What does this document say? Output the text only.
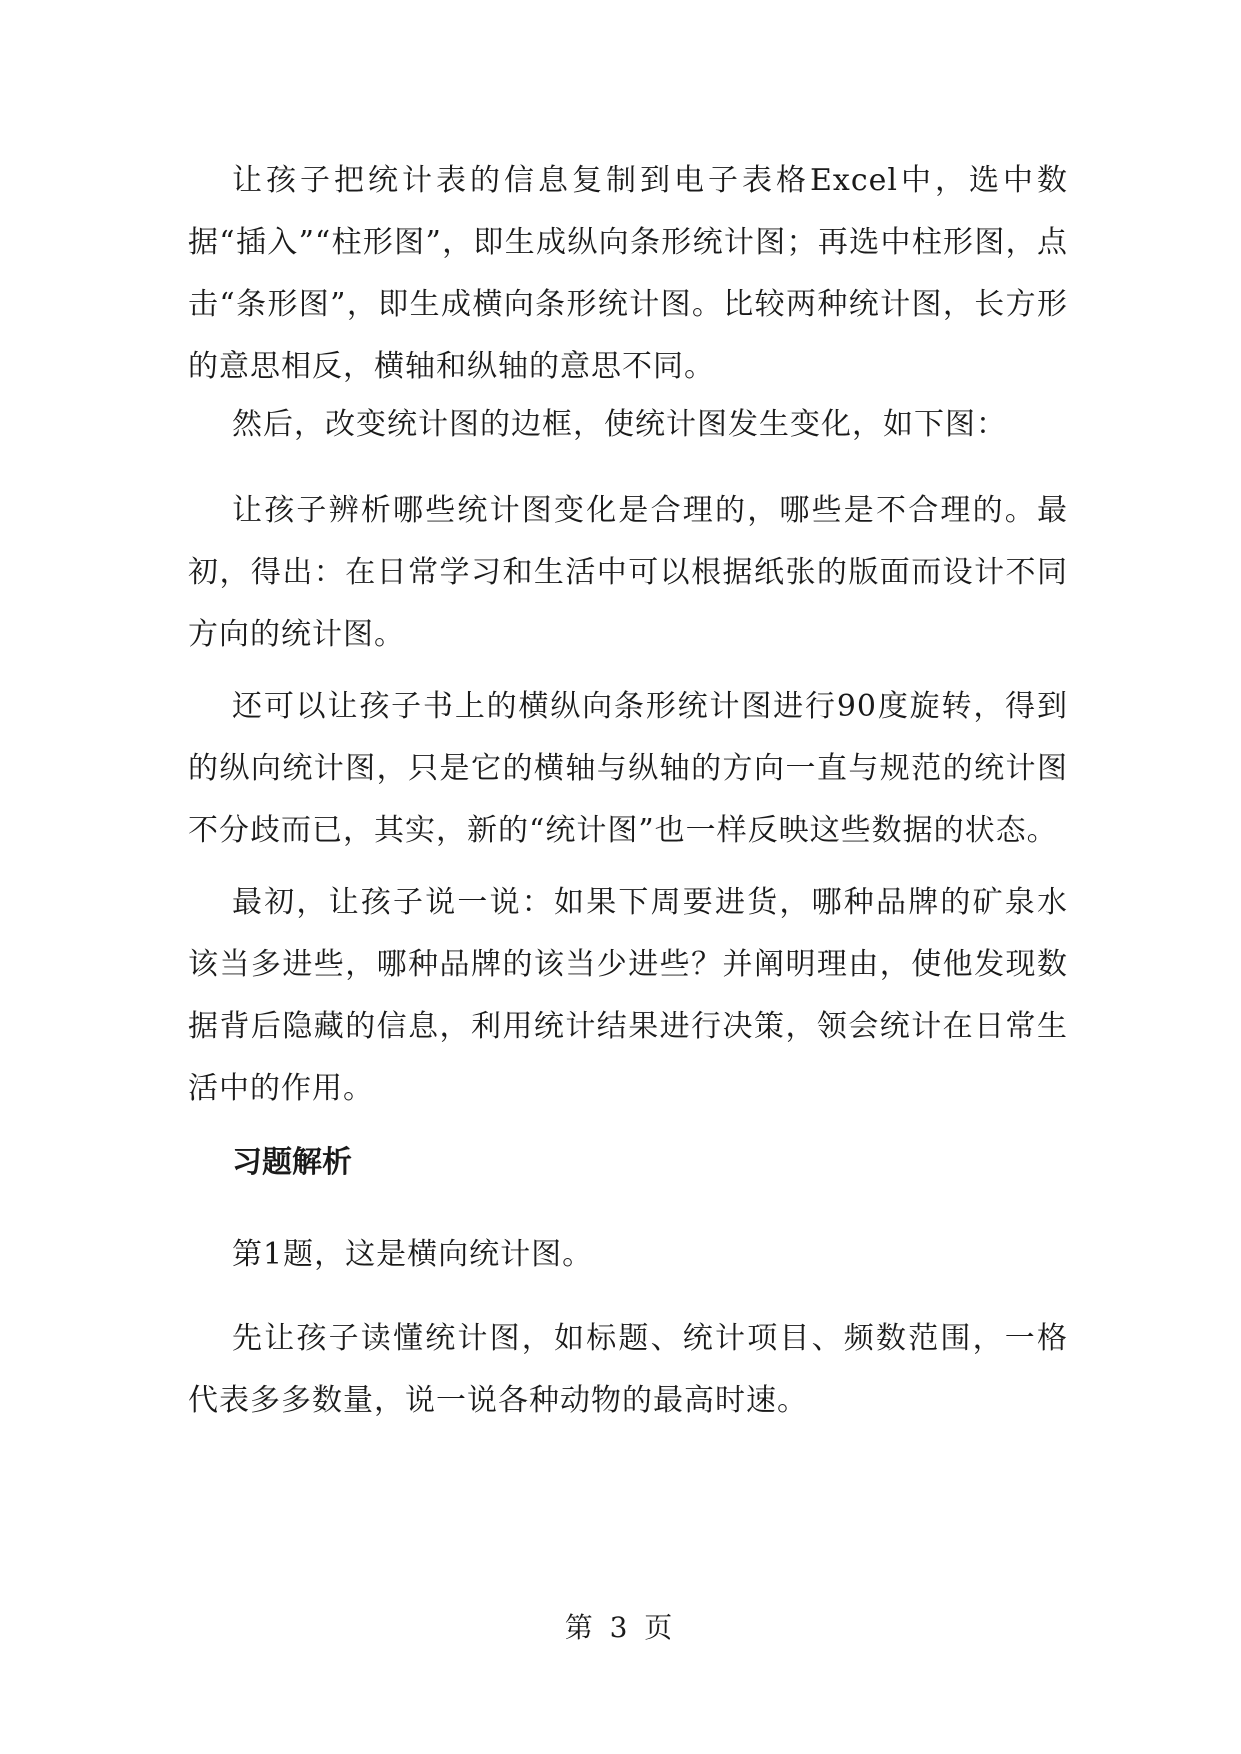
让孩子把统计表的信息复制到电子表格Excel中，选中数据“插入”“柱形图”，即生成纵向条形统计图；再选中柱形图，点击“条形图”，即生成横向条形统计图。比较两种统计图，长方形的意思相反，横轴和纵轴的意思不同。

然后，改变统计图的边框，使统计图发生变化，如下图：

让孩子辨析哪些统计图变化是合理的，哪些是不合理的。最初，得出：在日常学习和生活中可以根据纸张的版面而设计不同方向的统计图。

还可以让孩子书上的横纵向条形统计图进行90度旋转，得到的纵向统计图，只是它的横轴与纵轴的方向一直与规范的统计图不分歧而已，其实，新的“统计图”也一样反映这些数据的状态。

最初，让孩子说一说：如果下周要进货，哪种品牌的矿泉水该当多进些，哪种品牌的该当少进些？并阐明理由，使他发现数据背后隐藏的信息，利用统计结果进行决策，领会统计在日常生活中的作用。

习题解析

第1题，这是横向统计图。

先让孩子读懂统计图，如标题、统计项目、频数范围，一格代表多多数量，说一说各种动物的最高时速。

第 3 页
